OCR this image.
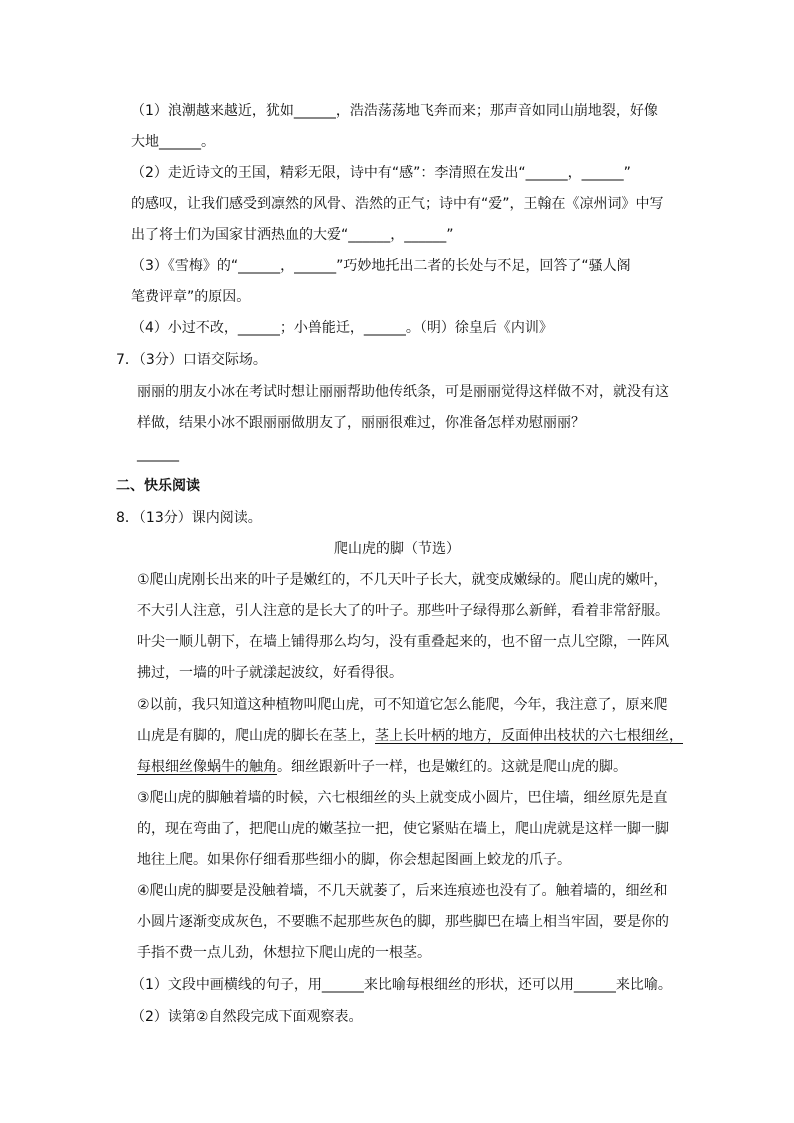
（1）浪潮越来越近，犹如______，浩浩荡荡地飞奔而来；那声音如同山崩地裂，好像
大地______。
（2）走近诗文的王国，精彩无限，诗中有“感”：李清照在发出“______，______”
的感叹，让我们感受到凛然的风骨、浩然的正气；诗中有“爱”，王翰在《凉州词》中写
出了将士们为国家甘洒热血的大爱“______，______”
（3）《雪梅》的“______，______”巧妙地托出二者的长处与不足，回答了“骚人阁
笔费评章”的原因。
（4）小过不改，______；小兽能迁，______。（明）徐皇后《内训》
7．（3分）口语交际场。
丽丽的朋友小冰在考试时想让丽丽帮助他传纸条，可是丽丽觉得这样做不对，就没有这
样做，结果小冰不跟丽丽做朋友了，丽丽很难过，你准备怎样劝慰丽丽？
______
二、快乐阅读
8．（13分）课内阅读。
爬山虎的脚（节选）
①爬山虎刚长出来的叶子是嫩红的，不几天叶子长大，就变成嫩绿的。爬山虎的嫩叶，
不大引人注意，引人注意的是长大了的叶子。那些叶子绿得那么新鲜，看着非常舒服。
叶尖一顺儿朝下，在墙上铺得那么均匀，没有重叠起来的，也不留一点儿空隙，一阵风
拂过，一墙的叶子就漾起波纹，好看得很。
②以前，我只知道这种植物叫爬山虎，可不知道它怎么能爬，今年，我注意了，原来爬
山虎是有脚的，爬山虎的脚长在茎上，茎上长叶柄的地方，反面伸出枝状的六七根细丝，
每根细丝像蜗牛的触角。细丝跟新叶子一样，也是嫩红的。这就是爬山虎的脚。
③爬山虎的脚触着墙的时候，六七根细丝的头上就变成小圆片，巴住墙，细丝原先是直
的，现在弯曲了，把爬山虎的嫩茎拉一把，使它紧贴在墙上，爬山虎就是这样一脚一脚
地往上爬。如果你仔细看那些细小的脚，你会想起图画上蛟龙的爪子。
④爬山虎的脚要是没触着墙，不几天就萎了，后来连痕迹也没有了。触着墙的，细丝和
小圆片逐渐变成灰色，不要瞧不起那些灰色的脚，那些脚巴在墙上相当牢固，要是你的
手指不费一点儿劲，休想拉下爬山虎的一根茎。
（1）文段中画横线的句子，用______来比喻每根细丝的形状，还可以用______来比喻。
（2）读第②自然段完成下面观察表。
